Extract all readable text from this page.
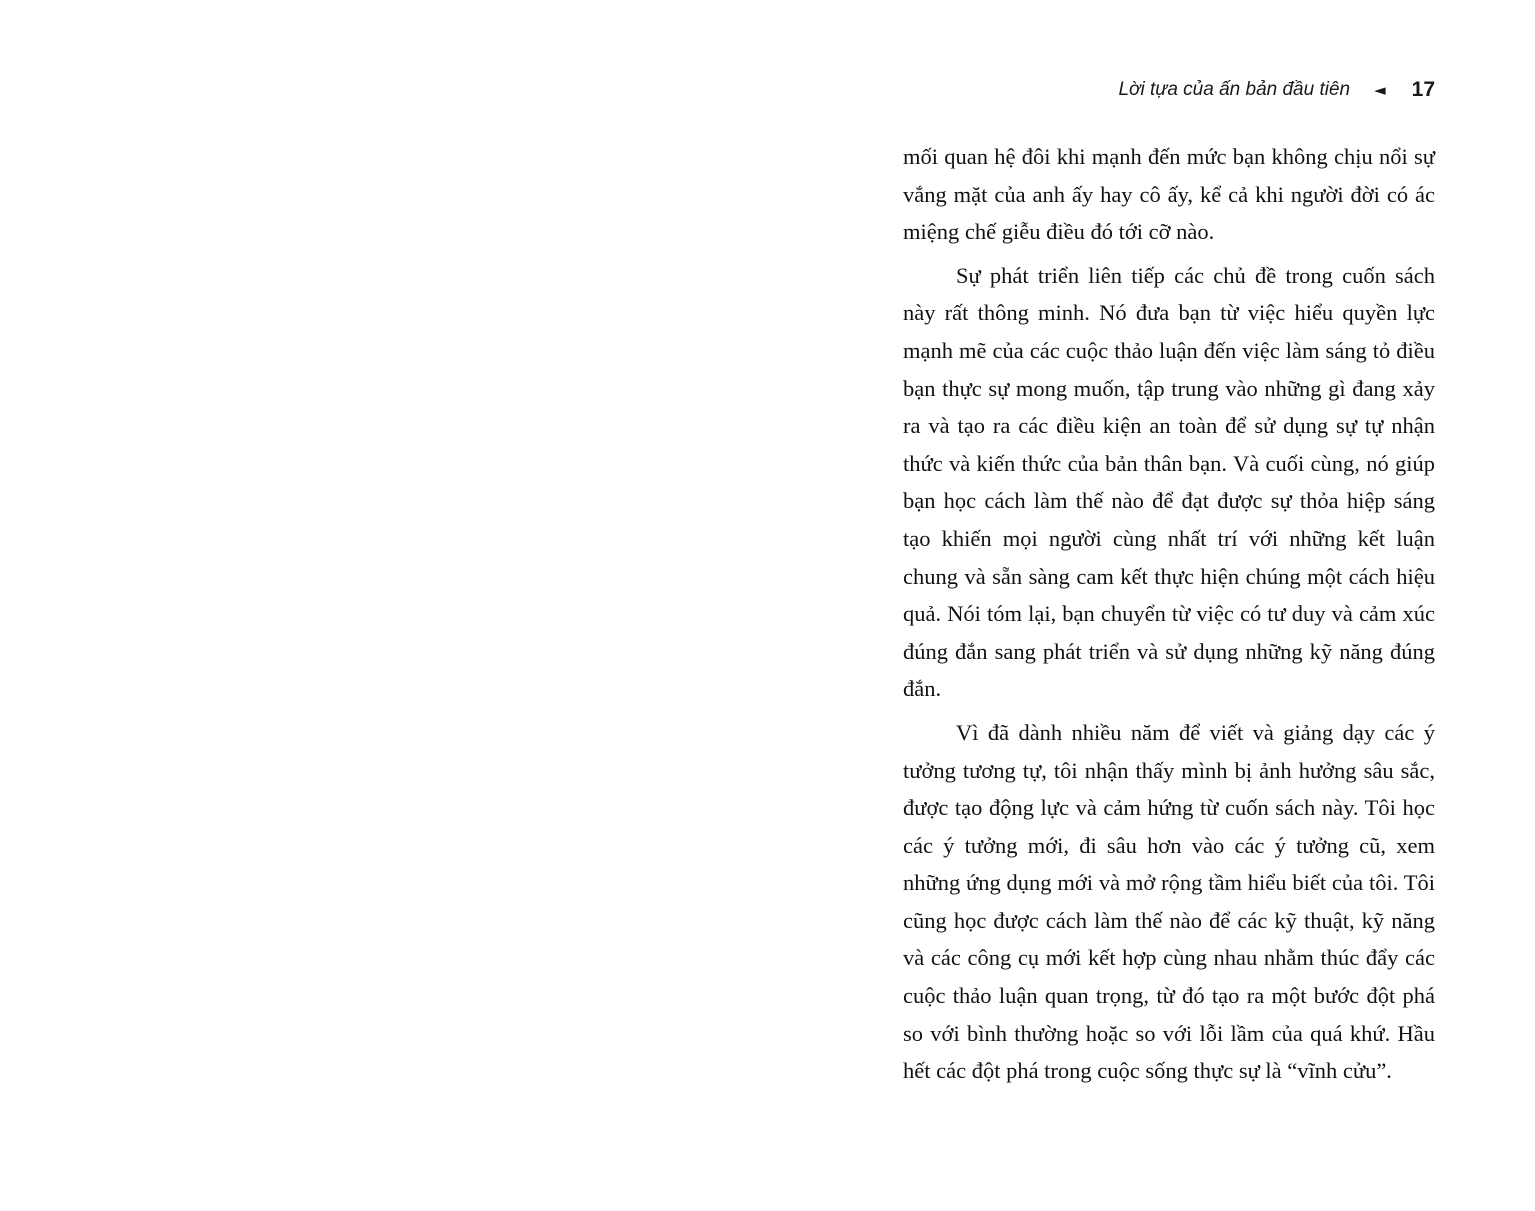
Lời tựa của ấn bản đầu tiên ◄ 17

mối quan hệ đôi khi mạnh đến mức bạn không chịu nổi sự vắng mặt của anh ấy hay cô ấy, kể cả khi người đời có ác miệng chế giễu điều đó tới cỡ nào.

Sự phát triển liên tiếp các chủ đề trong cuốn sách này rất thông minh. Nó đưa bạn từ việc hiểu quyền lực mạnh mẽ của các cuộc thảo luận đến việc làm sáng tỏ điều bạn thực sự mong muốn, tập trung vào những gì đang xảy ra và tạo ra các điều kiện an toàn để sử dụng sự tự nhận thức và kiến thức của bản thân bạn. Và cuối cùng, nó giúp bạn học cách làm thế nào để đạt được sự thỏa hiệp sáng tạo khiến mọi người cùng nhất trí với những kết luận chung và sẵn sàng cam kết thực hiện chúng một cách hiệu quả. Nói tóm lại, bạn chuyển từ việc có tư duy và cảm xúc đúng đắn sang phát triển và sử dụng những kỹ năng đúng đắn.

Vì đã dành nhiều năm để viết và giảng dạy các ý tưởng tương tự, tôi nhận thấy mình bị ảnh hưởng sâu sắc, được tạo động lực và cảm hứng từ cuốn sách này. Tôi học các ý tưởng mới, đi sâu hơn vào các ý tưởng cũ, xem những ứng dụng mới và mở rộng tầm hiểu biết của tôi. Tôi cũng học được cách làm thế nào để các kỹ thuật, kỹ năng và các công cụ mới kết hợp cùng nhau nhằm thúc đẩy các cuộc thảo luận quan trọng, từ đó tạo ra một bước đột phá so với bình thường hoặc so với lỗi lầm của quá khứ. Hầu hết các đột phá trong cuộc sống thực sự là “vĩnh cửu”.
